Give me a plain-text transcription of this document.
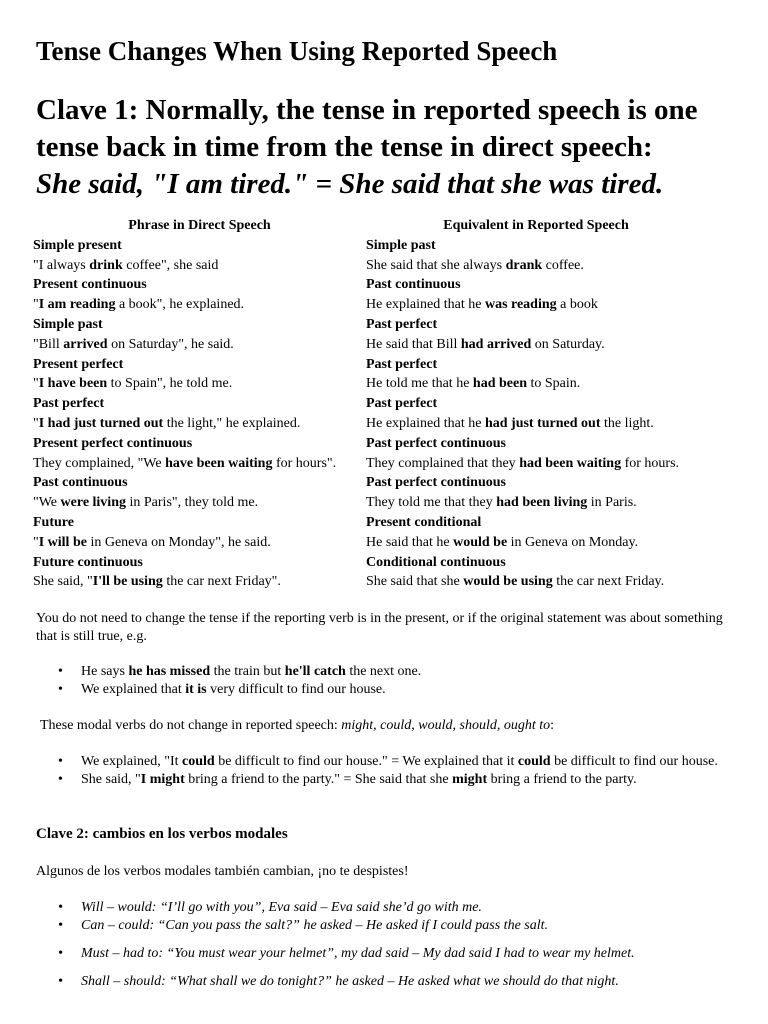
Tense Changes When Using Reported Speech
Clave 1: Normally, the tense in reported speech is one tense back in time from the tense in direct speech:
She said, "I am tired." = She said that she was tired.
Phrase in Direct Speech	Equivalent in Reported Speech
Simple present	Simple past
"I always drink coffee", she said	She said that she always drank coffee.
Present continuous	Past continuous
"I am reading a book", he explained.	He explained that he was reading a book
Simple past	Past perfect
"Bill arrived on Saturday", he said.	He said that Bill had arrived on Saturday.
Present perfect	Past perfect
"I have been to Spain", he told me.	He told me that he had been to Spain.
Past perfect	Past perfect
"I had just turned out the light," he explained.	He explained that he had just turned out the light.
Present perfect continuous	Past perfect continuous
They complained, "We have been waiting for hours".	They complained that they had been waiting for hours.
Past continuous	Past perfect continuous
"We were living in Paris", they told me.	They told me that they had been living in Paris.
Future	Present conditional
"I will be in Geneva on Monday", he said.	He said that he would be in Geneva on Monday.
Future continuous	Conditional continuous
She said, "I'll be using the car next Friday".	She said that she would be using the car next Friday.
You do not need to change the tense if the reporting verb is in the present, or if the original statement was about something that is still true, e.g.
• He says he has missed the train but he'll catch the next one.
• We explained that it is very difficult to find our house.
These modal verbs do not change in reported speech: might, could, would, should, ought to:
• We explained, "It could be difficult to find our house." = We explained that it could be difficult to find our house.
• She said, "I might bring a friend to the party." = She said that she might bring a friend to the party.
Clave 2: cambios en los verbos modales
Algunos de los verbos modales también cambian, ¡no te despistes!
• Will – would: “I’ll go with you”, Eva said – Eva said she’d go with me.
• Can – could: “Can you pass the salt?” he asked – He asked if I could pass the salt.
• Must – had to: “You must wear your helmet”, my dad said – My dad said I had to wear my helmet.
• Shall – should: “What shall we do tonight?” he asked – He asked what we should do that night.
